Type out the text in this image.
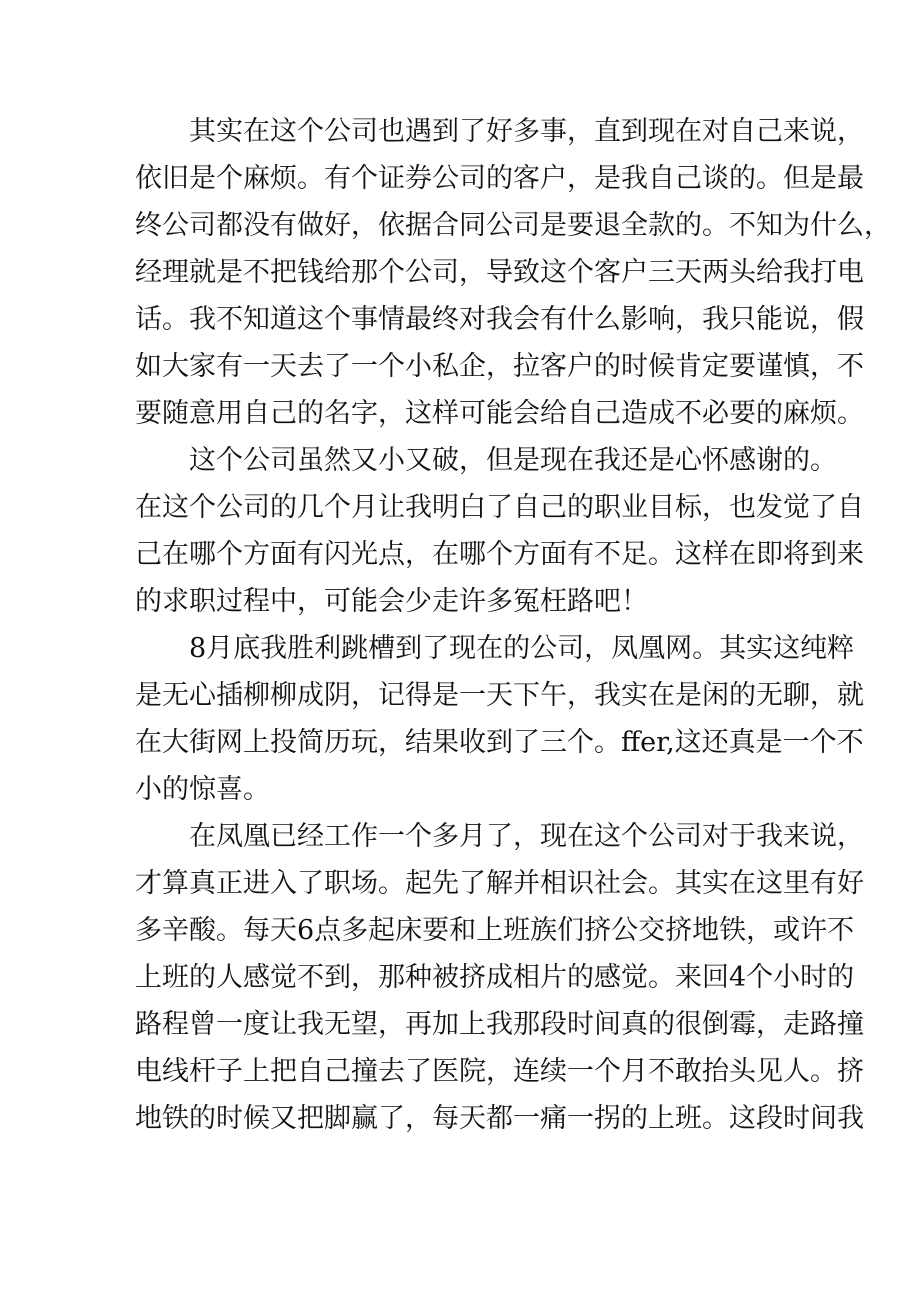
其实在这个公司也遇到了好多事，直到现在对自己来说，
依旧是个麻烦。有个证券公司的客户，是我自己谈的。但是最
终公司都没有做好，依据合同公司是要退全款的。不知为什么，
经理就是不把钱给那个公司，导致这个客户三天两头给我打电
话。我不知道这个事情最终对我会有什么影响，我只能说，假
如大家有一天去了一个小私企，拉客户的时候肯定要谨慎，不
要随意用自己的名字，这样可能会给自己造成不必要的麻烦。

这个公司虽然又小又破，但是现在我还是心怀感谢的。
在这个公司的几个月让我明白了自己的职业目标，也发觉了自
己在哪个方面有闪光点，在哪个方面有不足。这样在即将到来
的求职过程中，可能会少走许多冤枉路吧！

8月底我胜利跳槽到了现在的公司，凤凰网。其实这纯粹
是无心插柳柳成阴，记得是一天下午，我实在是闲的无聊，就
在大街网上投简历玩，结果收到了三个。ffer,这还真是一个不
小的惊喜。

在凤凰已经工作一个多月了，现在这个公司对于我来说，
才算真正进入了职场。起先了解并相识社会。其实在这里有好
多辛酸。每天6点多起床要和上班族们挤公交挤地铁，或许不
上班的人感觉不到，那种被挤成相片的感觉。来回4个小时的
路程曾一度让我无望，再加上我那段时间真的很倒霉，走路撞
电线杆子上把自己撞去了医院，连续一个月不敢抬头见人。挤
地铁的时候又把脚赢了，每天都一痛一拐的上班。这段时间我
